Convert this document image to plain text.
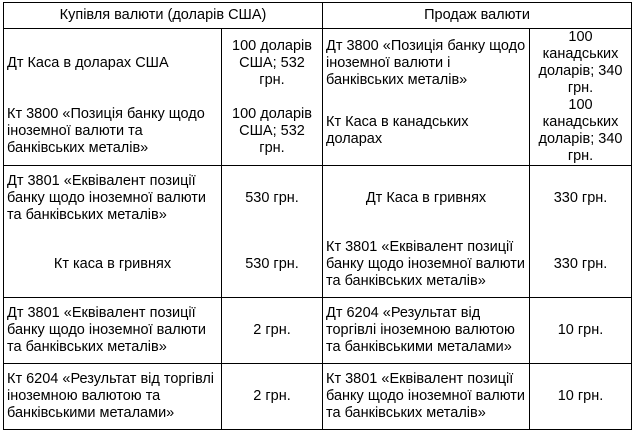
Купівля валюти (доларів США)		Продаж валюти	
Дт Каса в доларах США	100 доларів США; 532 грн.	Дт 3800 «Позиція банку щодо іноземної валюти і банківських металів»	100 канадських доларів; 340 грн.
Кт 3800 «Позиція банку щодо іноземної валюти та банківських металів»	100 доларів США; 532 грн.	Кт Каса в канадських доларах	100 канадських доларів; 340 грн.
Дт 3801 «Еквівалент позиції банку щодо іноземної валюти та банківських металів»	530 грн.	Дт Каса в гривнях	330 грн.
Кт каса в гривнях	530 грн.	Кт 3801 «Еквівалент позиції банку щодо іноземної валюти та банківських металів»	330 грн.
Дт 3801 «Еквівалент позиції банку щодо іноземної валюти та банківських металів»	2 грн.	Дт 6204 «Результат від торгівлі іноземною валютою та банківськими металами»	10 грн.
Кт 6204 «Результат від торгівлі іноземною валютою та банківськими металами»	2 грн.	Кт 3801 «Еквівалент позиції банку щодо іноземної валюти та банківських металів»	10 грн.
